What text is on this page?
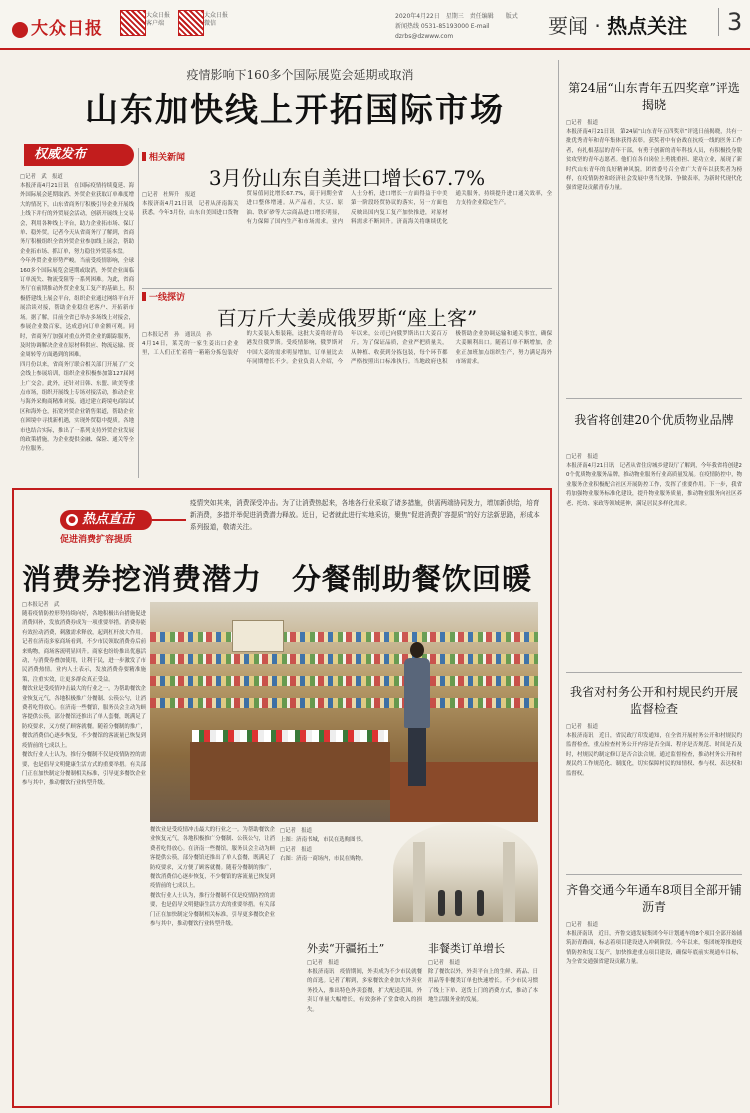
大众日报
大众日报 客户端
大众日报 微信
2020年4月22日　星期三　责任编辑　　版式
新闻热线 0531-85193000 E-mail dzrbs@dzwww.com	要闻 · 热点关注	3
疫情影响下160多个国际展览会延期或取消
山东加快线上开拓国际市场
权威发布
□记者　武　报道
本报济南4月21日讯　在国际疫情持续蔓延、海外国际展会延期取消、外贸企业获取订单难度增大的情况下，山东省商务厅积极引导企业开展线上线下并行的外贸展会活动，创新开展线上交易会，利用各种线上平台，助力企业拓市场、保订单、稳外贸。记者今天从省商务厅了解到，省商务厅积极组织全省外贸企业参加线上展会，帮助企业拓市场、抓订单，努力稳住外贸基本盘。
今年外贸企业形势严峻。当前受疫情影响，全球160多个国际展览会延期或取消，外贸企业面临订单流失、物流受阻等一系列困难。为此，省商务厅在前期推动外贸企业复工复产的基础上，积极搭建线上展会平台，组织企业通过网络平台开展洽谈对接，帮助企业稳住老客户、开拓新市场。据了解，目前全省已举办多场线上对接会，参展企业数百家，达成意向订单金额可观。同时，省商务厅加强对重点外贸企业的跟踪服务，及时协调解决企业在原材料供应、物流运输、资金周转等方面遇到的困难。
四月份以来，省商务厅联合相关部门开展了广交会线上参展培训，组织企业积极参加第127届网上广交会。此外，还针对日韩、东盟、欧美等重点市场，组织开展线上专场对接活动，推动企业与海外采购商精准对接。通过建立跨境电商综试区和海外仓，拓宽外贸企业销售渠道，帮助企业在困境中寻找新机遇，实现外贸稳中提质。各地市也结合实际，推出了一系列支持外贸企业发展的政策措施，为企业提供金融、保险、通关等全方位服务。
相关新闻
3月份山东自美进口增长67.7%
□记者　杜辉升　报道
本报济南4月21日讯　记者从济南海关获悉，今年3月份，山东自美国进口货物贸易值同比增长67.7%，高于同期全省进口整体增速。从产品看，大豆、原油、铁矿砂等大宗商品进口增长明显，有力保障了国内生产和市场需求。业内人士分析，进口增长一方面得益于中美第一阶段经贸协议的落实，另一方面也反映出国内复工复产加快推进，对原材料需求不断回升。济南海关将继续优化通关服务，持续提升进口通关效率，全力支持企业稳定生产。
一线探访
百万斤大姜成俄罗斯“座上客”
□本报记者　孙　通讯员　孙
4月14日，莱芜的一家生姜出口企业里，工人们正忙着将一箱箱分拣包装好的大姜装入集装箱，这批大姜将经青岛港发往俄罗斯。受疫情影响，俄罗斯对中国大姜的需求明显增加，订单量比去年同期增长不少。企业负责人介绍，今年以来，公司已向俄罗斯出口大姜百万斤。为了保证品质，企业严把质量关，从种植、收获到分拣包装，每个环节都严格按照出口标准执行。当地政府也积极帮助企业协调运输和通关事宜，确保大姜顺利出口。随着订单不断增加，企业正加班加点组织生产，努力满足海外市场需求。
● 热点直击
促进消费扩容提质
疫情突如其来，消费深受冲击。为了让消费热起来，各地各行业采取了诸多措施，供需两端协同发力，增加新供给，培育新消费，多措并举促进消费潜力释放。近日，记者就此进行实地采访，聚焦“促进消费扩容提质”的好方法新思路，形成本系列报道，敬请关注。
消费券挖消费潜力　 分餐制助餐饮回暖
□本报记者　武
随着疫情防控形势持续向好，各地积极出台措施促进消费回补，发放消费券成为一项重要举措。消费券能有效拉动消费，刺激需求释放，起到杠杆放大作用。记者在济南多家商场看到，不少市民领取消费券后前来购物，商场客流明显回升。商家也纷纷推出优惠活动，与消费券叠加使用，让利于民，进一步激发了市民消费热情。业内人士表示，发放消费券要精准施策，注重实效，让更多群众真正受益。
餐饮业是受疫情冲击最大的行业之一。为帮助餐饮企业恢复元气，各地积极推广分餐制、公筷公勺，让消费者吃得放心。在济南一些餐馆，服务员会主动为顾客提供公筷，部分餐馆还推出了单人套餐，既满足了防疫要求，又方便了顾客就餐。随着分餐制的推广，餐饮消费信心逐步恢复，不少餐馆的客流量已恢复到疫情前的七成以上。
餐饮行业人士认为，推行分餐制不仅是疫情防控的需要，也是倡导文明健康生活方式的重要举措。有关部门正在加快制定分餐制相关标准，引导更多餐饮企业参与其中，推动餐饮行业转型升级。
餐饮业是受疫情冲击最大的行业之一。为帮助餐饮企业恢复元气，各地积极推广分餐制、公筷公勺，让消费者吃得放心。在济南一些餐馆，服务员会主动为顾客提供公筷，部分餐馆还推出了单人套餐，既满足了防疫要求，又方便了顾客就餐。随着分餐制的推广，餐饮消费信心逐步恢复，不少餐馆的客流量已恢复到疫情前的七成以上。
餐饮行业人士认为，推行分餐制不仅是疫情防控的需要，也是倡导文明健康生活方式的重要举措。有关部门正在加快制定分餐制相关标准，引导更多餐饮企业参与其中，推动餐饮行业转型升级。
□记者　报道
上图：济南书城，市民在选购图书。
□记者　报道
右图：济南一商场内，市民在购物。
外卖“开疆拓土”	非餐类订单增长
□记者　报道
本报济南讯　疫情期间，外卖成为不少市民就餐的首选。记者了解到，多家餐饮企业加大外卖业务投入，推出特色外卖套餐，扩大配送范围，外卖订单量大幅增长，有效弥补了堂食收入的损失。
□记者　报道
除了餐饮以外，外卖平台上的生鲜、药品、日用品等非餐类订单也快速增长。不少市民习惯了线上下单、送货上门的消费方式，推动了本地生活服务业的发展。
第24届“山东青年五四奖章”评选揭晓
□记者　报道
本报济南4月21日讯　第24届“山东青年五四奖章”评选日前揭晓，共有一批优秀青年和青年集体获得表彰。获奖者中有奋战在抗疫一线的医务工作者，有扎根基层的青年干部，有勇于创新的青年科技人员，有积极投身脱贫攻坚的青年志愿者。他们在各自岗位上勇挑重担、建功立业，展现了新时代山东青年的良好精神风貌。团省委号召全省广大青年以获奖者为榜样，在疫情防控和经济社会发展中勇当先锋、争做表率，为新时代现代化强省建设贡献青春力量。
我省将创建20个优质物业品牌
□记者　报道
本报济南4月21日讯　记者从省住房城乡建设厅了解到，今年我省将创建20个优质物业服务品牌，推动物业服务行业高质量发展。在疫情防控中，物业服务企业积极配合社区开展防控工作，发挥了重要作用。下一步，我省将加强物业服务标准化建设，提升物业服务质量，推动物业服务向社区养老、托幼、家政等领域延伸，满足居民多样化需求。
我省对村务公开和村规民约开展监督检查
□记者　报道
本报济南讯　近日，省民政厅印发通知，在全省开展村务公开和村规民约监督检查，重点检查村务公开内容是否全面、程序是否规范、时间是否及时，村规民约制定修订是否合法合规。通过监督检查，推动村务公开和村规民约工作规范化、制度化，切实保障村民的知情权、参与权、表达权和监督权。
齐鲁交通今年通车8项目全部开铺沥青
□记者　报道
本报济南讯　近日，齐鲁交通发展集团今年计划通车的8个项目全部开始铺筑沥青路面，标志着项目建设进入冲刺阶段。今年以来，集团统筹推进疫情防控和复工复产，加快推进重点项目建设，确保年底前实现通车目标，为全省交通强省建设贡献力量。
